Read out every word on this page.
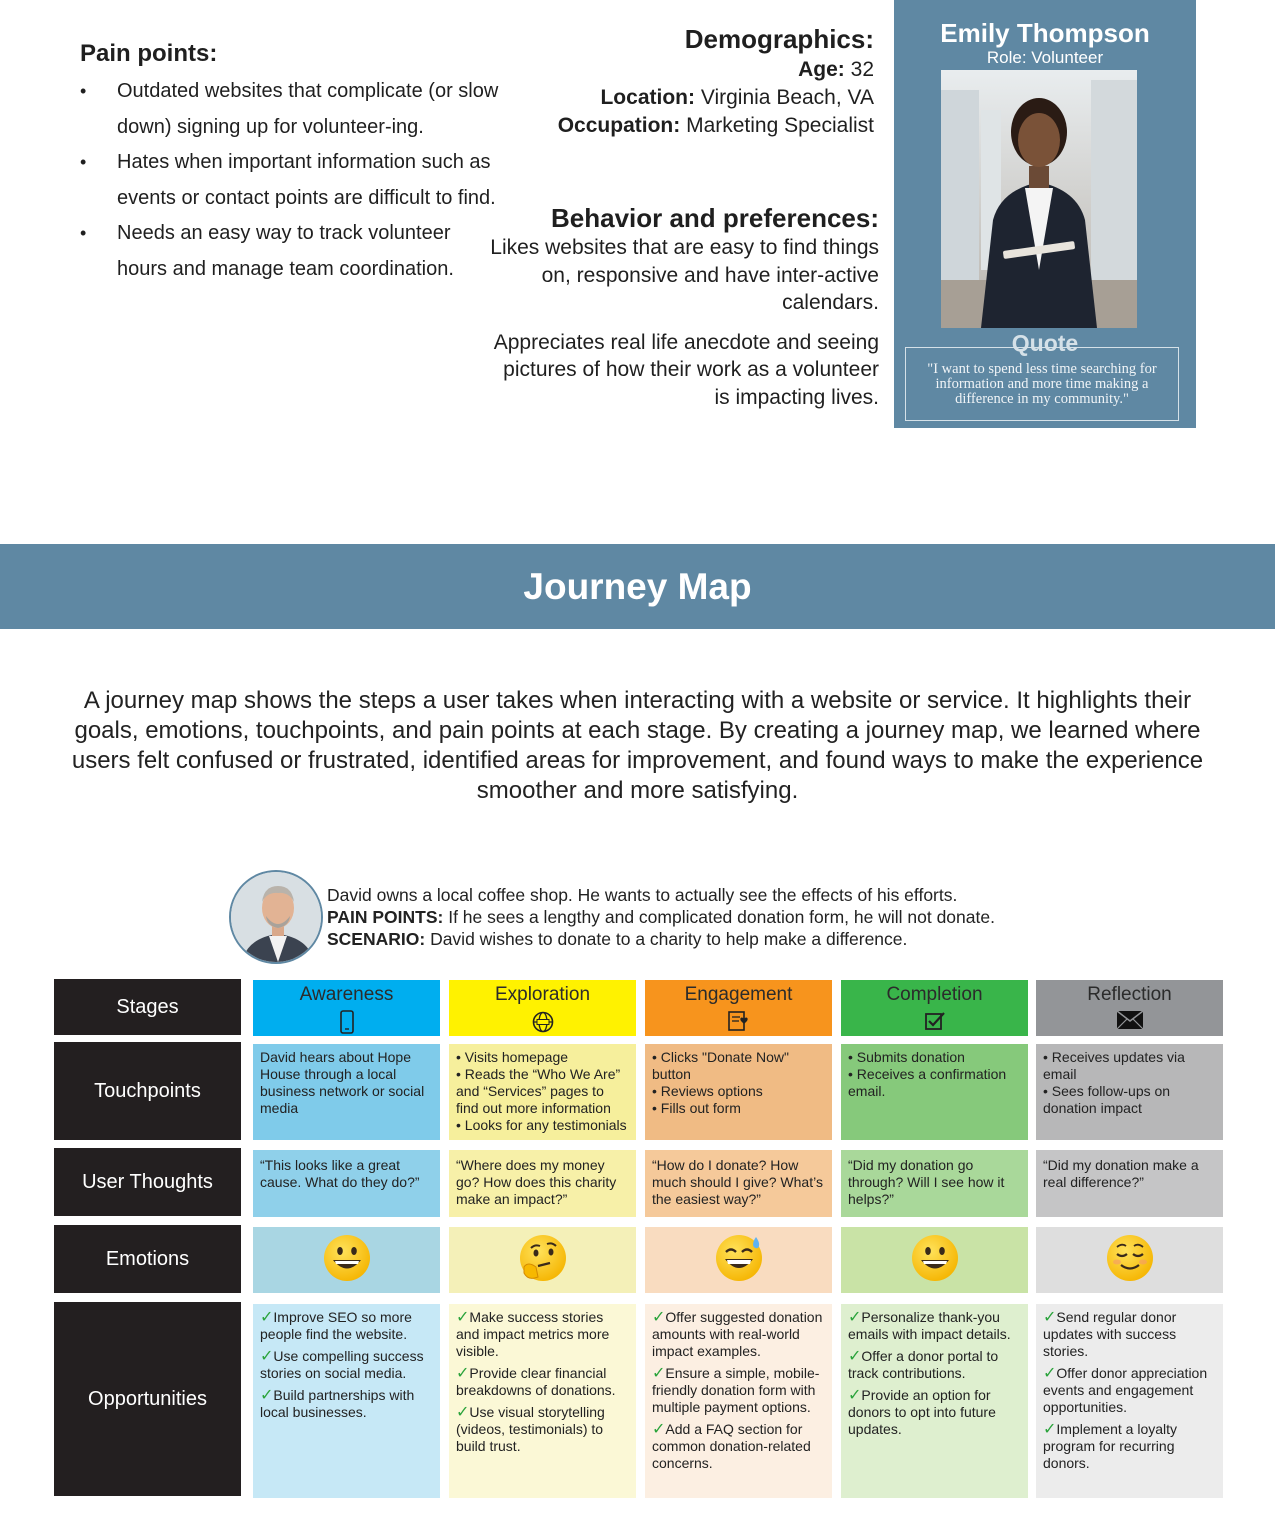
Pain points:
• Outdated websites that complicate (or slow down) signing up for volunteer-ing.
• Hates when important information such as events or contact points are difficult to find.
• Needs an easy way to track volunteer hours and manage team coordination.
Demographics:
Age: 32
Location: Virginia Beach, VA
Occupation: Marketing Specialist
Behavior and preferences:

Likes websites that are easy to find things on, responsive and have inter-active calendars.

Appreciates real life anecdote and seeing pictures of how their work as a volunteer is impacting lives.

Emily Thompson
Role: Volunteer
Quote
"I want to spend less time searching for information and more time making a difference in my community."
Journey Map
A journey map shows the steps a user takes when interacting with a website or service. It highlights their goals, emotions, touchpoints, and pain points at each stage. By creating a journey map, we learned where users felt confused or frustrated, identified areas for improvement, and found ways to make the experience smoother and more satisfying.
David owns a local coffee shop. He wants to actually see the effects of his efforts.
PAIN POINTS: If he sees a lengthy and complicated donation form, he will not donate.
SCENARIO: David wishes to donate to a charity to help make a difference.
Stages
Touchpoints
User Thoughts
Emotions
Opportunities
Awareness
David hears about Hope House through a local business network or social media
“This looks like a great cause. What do they do?”
✓Improve SEO so more people find the website.
✓Use compelling success stories on social media.
✓Build partnerships with local businesses.
Exploration
• Visits homepage
• Reads the “Who We Are” and “Services” pages to find out more information
• Looks for any testimonials
“Where does my money go? How does this charity make an impact?”
✓Make success stories and impact metrics more visible.
✓Provide clear financial breakdowns of donations.
✓Use visual storytelling (videos, testimonials) to build trust.
Engagement
• Clicks "Donate Now" button
• Reviews options
• Fills out form
“How do I donate? How much should I give? What’s the easiest way?”
✓Offer suggested donation amounts with real-world impact examples.
✓Ensure a simple, mobile-friendly donation form with multiple payment options.
✓Add a FAQ section for common donation-related concerns.
Completion
• Submits donation
• Receives a confirmation email.
“Did my donation go through? Will I see how it helps?”
✓Personalize thank-you emails with impact details.
✓Offer a donor portal to track contributions.
✓Provide an option for donors to opt into future updates.
Reflection
• Receives updates via email
• Sees follow-ups on donation impact
“Did my donation make a real difference?”
✓Send regular donor updates with success stories.
✓Offer donor appreciation events and engagement opportunities.
✓Implement a loyalty program for recurring donors.
